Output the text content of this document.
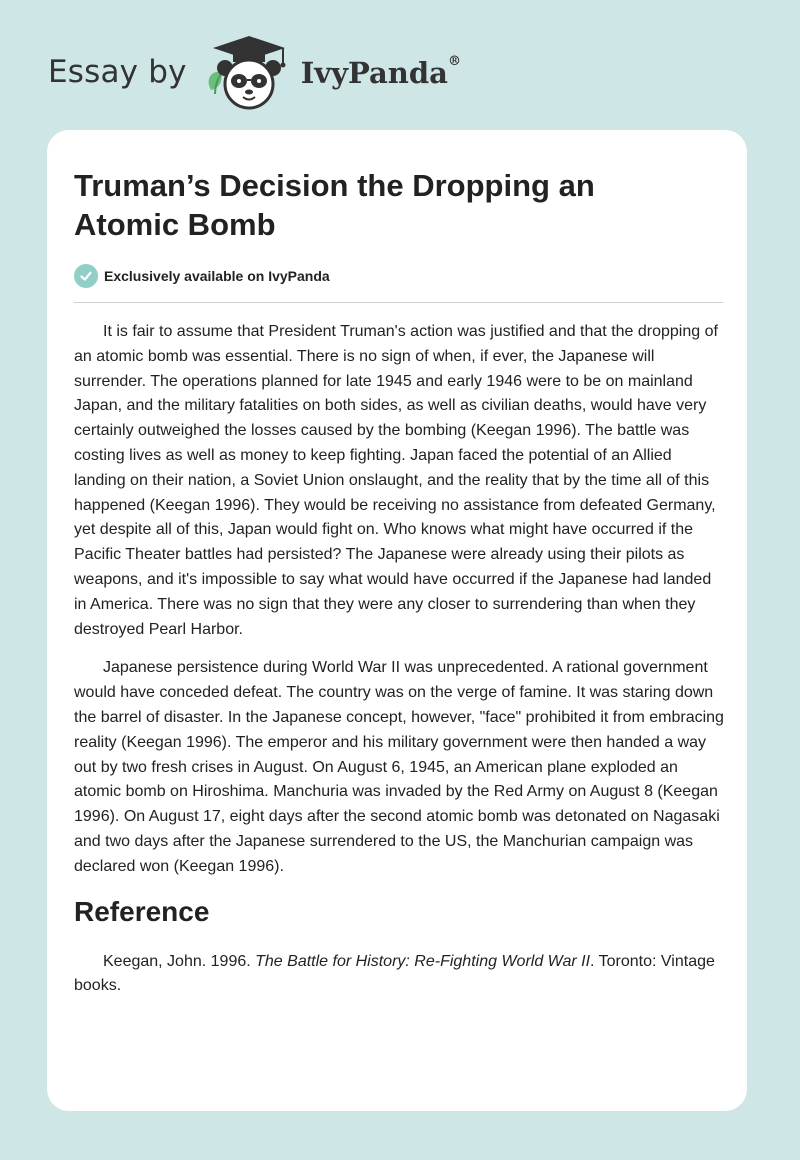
Essay by	IvyPanda®
Truman’s Decision the Dropping an Atomic Bomb
Exclusively available on IvyPanda

It is fair to assume that President Truman's action was justified and that the dropping of an atomic bomb was essential. There is no sign of when, if ever, the Japanese will surrender. The operations planned for late 1945 and early 1946 were to be on mainland Japan, and the military fatalities on both sides, as well as civilian deaths, would have very certainly outweighed the losses caused by the bombing (Keegan 1996). The battle was costing lives as well as money to keep fighting. Japan faced the potential of an Allied landing on their nation, a Soviet Union onslaught, and the reality that by the time all of this happened (Keegan 1996). They would be receiving no assistance from defeated Germany, yet despite all of this, Japan would fight on. Who knows what might have occurred if the Pacific Theater battles had persisted? The Japanese were already using their pilots as weapons, and it's impossible to say what would have occurred if the Japanese had landed in America. There was no sign that they were any closer to surrendering than when they destroyed Pearl Harbor.

Japanese persistence during World War II was unprecedented. A rational government would have conceded defeat. The country was on the verge of famine. It was staring down the barrel of disaster. In the Japanese concept, however, "face" prohibited it from embracing reality (Keegan 1996). The emperor and his military government were then handed a way out by two fresh crises in August. On August 6, 1945, an American plane exploded an atomic bomb on Hiroshima. Manchuria was invaded by the Red Army on August 8 (Keegan 1996). On August 17, eight days after the second atomic bomb was detonated on Nagasaki and two days after the Japanese surrendered to the US, the Manchurian campaign was declared won (Keegan 1996).

Reference

Keegan, John. 1996. The Battle for History: Re-Fighting World War II. Toronto: Vintage books.
